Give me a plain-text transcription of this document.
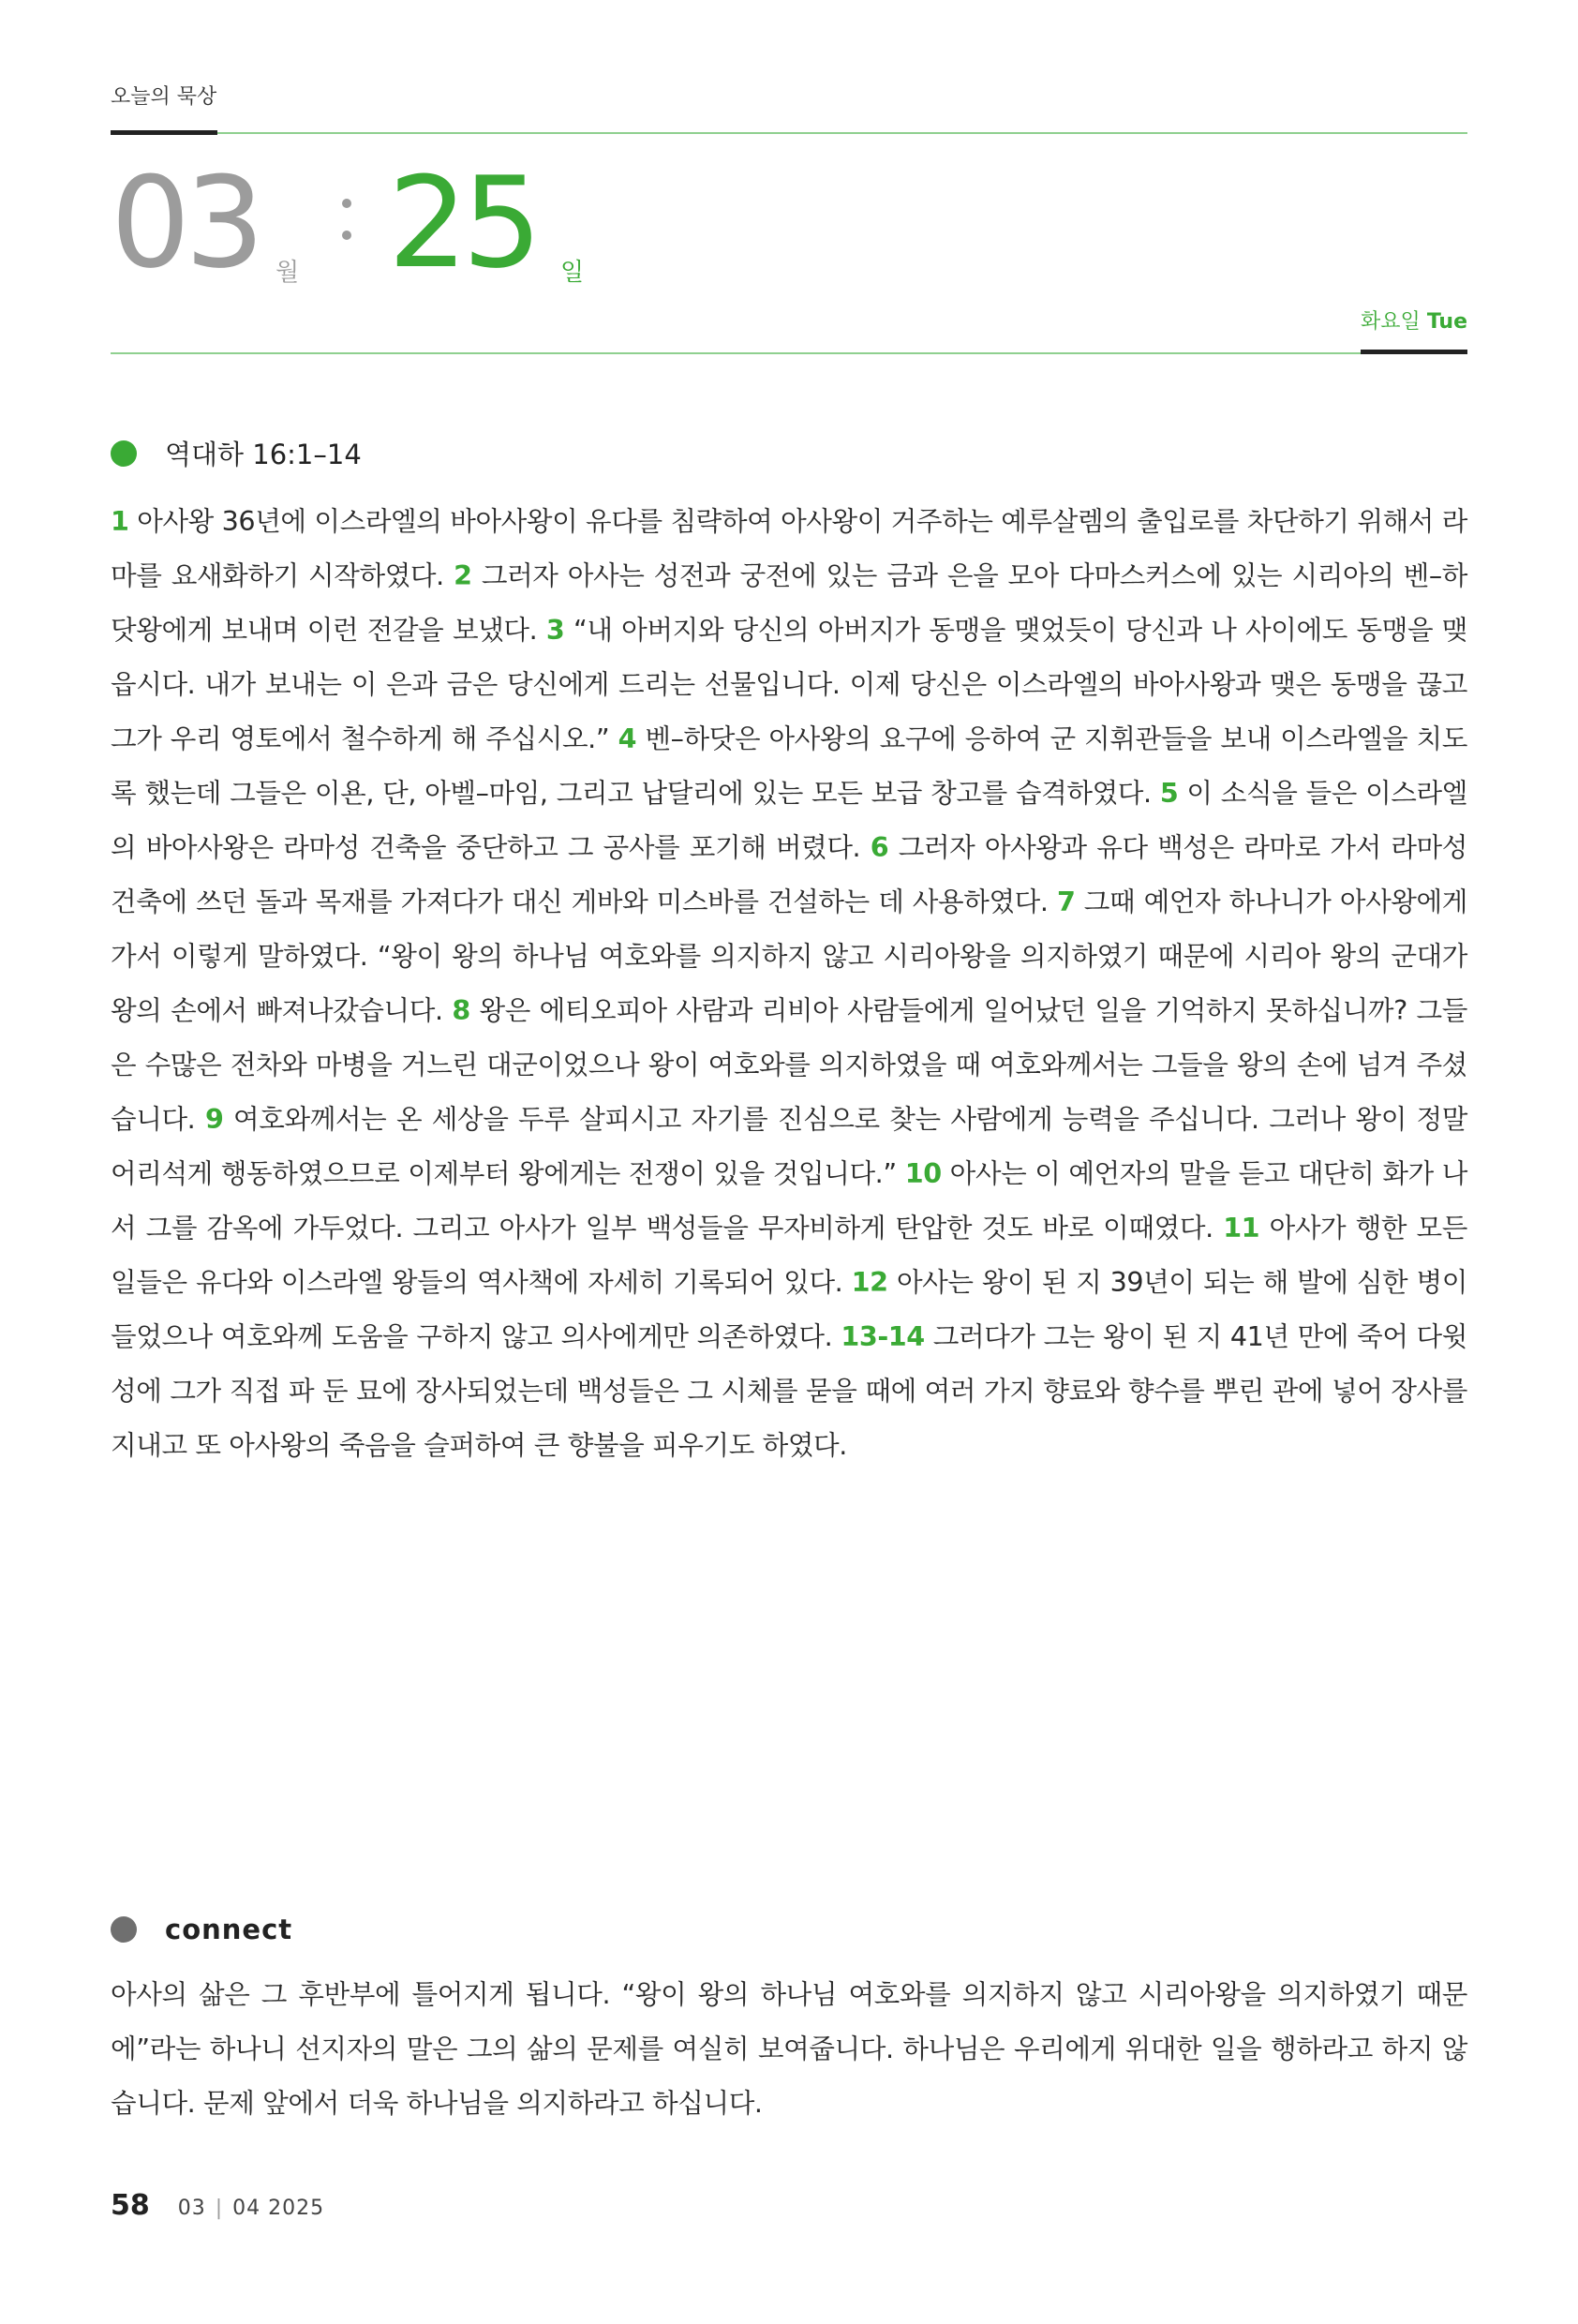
오늘의 묵상
03 월 25 일
화요일 Tue
역대하 16:1–14
1 아사왕 36년에 이스라엘의 바아사왕이 유다를 침략하여 아사왕이 거주하는 예루살렘의 출입로를 차단하기 위해서 라마를 요새화하기 시작하였다. 2 그러자 아사는 성전과 궁전에 있는 금과 은을 모아 다마스커스에 있는 시리아의 벤–하닷왕에게 보내며 이런 전갈을 보냈다. 3 “내 아버지와 당신의 아버지가 동맹을 맺었듯이 당신과 나 사이에도 동맹을 맺읍시다. 내가 보내는 이 은과 금은 당신에게 드리는 선물입니다. 이제 당신은 이스라엘의 바아사왕과 맺은 동맹을 끊고 그가 우리 영토에서 철수하게 해 주십시오.” 4 벤–하닷은 아사왕의 요구에 응하여 군 지휘관들을 보내 이스라엘을 치도록 했는데 그들은 이욘, 단, 아벨–마임, 그리고 납달리에 있는 모든 보급 창고를 습격하였다. 5 이 소식을 들은 이스라엘의 바아사왕은 라마성 건축을 중단하고 그 공사를 포기해 버렸다. 6 그러자 아사왕과 유다 백성은 라마로 가서 라마성 건축에 쓰던 돌과 목재를 가져다가 대신 게바와 미스바를 건설하는 데 사용하였다. 7 그때 예언자 하나니가 아사왕에게 가서 이렇게 말하였다. “왕이 왕의 하나님 여호와를 의지하지 않고 시리아왕을 의지하였기 때문에 시리아 왕의 군대가 왕의 손에서 빠져나갔습니다. 8 왕은 에티오피아 사람과 리비아 사람들에게 일어났던 일을 기억하지 못하십니까? 그들은 수많은 전차와 마병을 거느린 대군이었으나 왕이 여호와를 의지하였을 때 여호와께서는 그들을 왕의 손에 넘겨 주셨습니다. 9 여호와께서는 온 세상을 두루 살피시고 자기를 진심으로 찾는 사람에게 능력을 주십니다. 그러나 왕이 정말 어리석게 행동하였으므로 이제부터 왕에게는 전쟁이 있을 것입니다.” 10 아사는 이 예언자의 말을 듣고 대단히 화가 나서 그를 감옥에 가두었다. 그리고 아사가 일부 백성들을 무자비하게 탄압한 것도 바로 이때였다. 11 아사가 행한 모든 일들은 유다와 이스라엘 왕들의 역사책에 자세히 기록되어 있다. 12 아사는 왕이 된 지 39년이 되는 해 발에 심한 병이 들었으나 여호와께 도움을 구하지 않고 의사에게만 의존하였다. 13-14 그러다가 그는 왕이 된 지 41년 만에 죽어 다윗성에 그가 직접 파 둔 묘에 장사되었는데 백성들은 그 시체를 묻을 때에 여러 가지 향료와 향수를 뿌린 관에 넣어 장사를 지내고 또 아사왕의 죽음을 슬퍼하여 큰 향불을 피우기도 하였다.
connect
아사의 삶은 그 후반부에 틀어지게 됩니다. “왕이 왕의 하나님 여호와를 의지하지 않고 시리아왕을 의지하였기 때문에”라는 하나니 선지자의 말은 그의 삶의 문제를 여실히 보여줍니다. 하나님은 우리에게 위대한 일을 행하라고 하지 않습니다. 문제 앞에서 더욱 하나님을 의지하라고 하십니다.
58 03 | 04 2025
